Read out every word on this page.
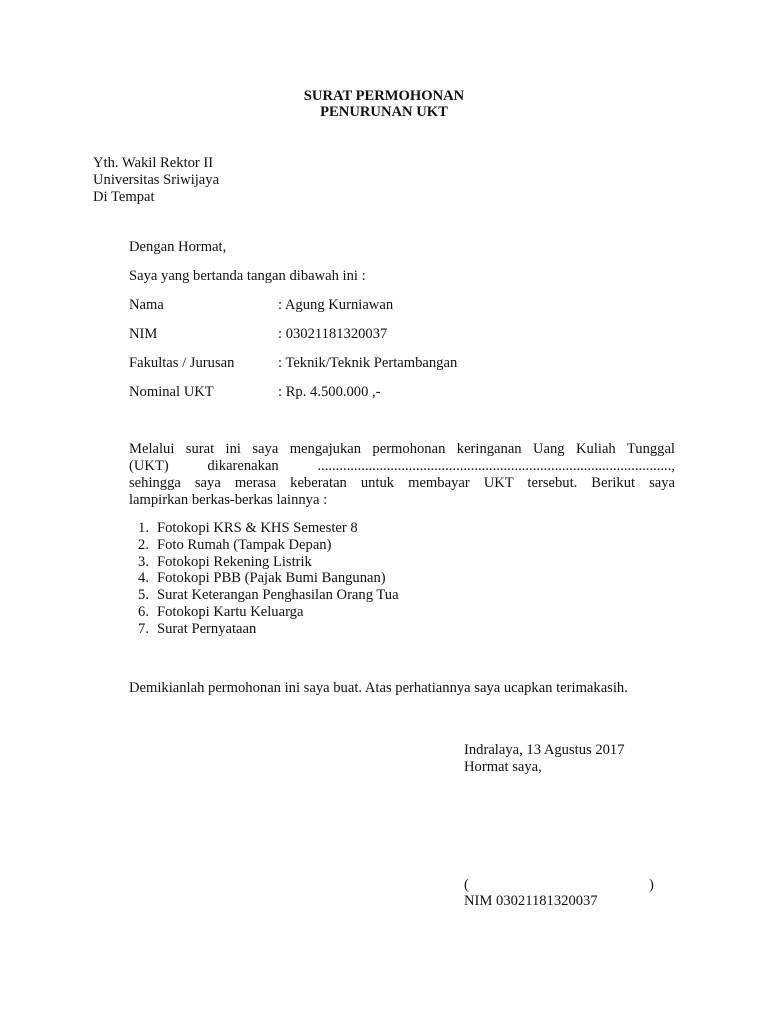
SURAT PERMOHONAN
PENURUNAN UKT
Yth. Wakil Rektor II
Universitas Sriwijaya
Di Tempat
Dengan Hormat,
Saya yang bertanda tangan dibawah ini :
Nama	: Agung Kurniawan
NIM	: 03021181320037
Fakultas / Jurusan	: Teknik/Teknik Pertambangan
Nominal UKT	: Rp. 4.500.000 ,-
Melalui surat ini saya mengajukan permohonan keringanan Uang Kuliah Tunggal
(UKT) dikarenakan .................................................................................................,
sehingga saya merasa keberatan untuk membayar UKT tersebut. Berikut saya
lampirkan berkas-berkas lainnya :
1. Fotokopi KRS & KHS Semester 8
2. Foto Rumah (Tampak Depan)
3. Fotokopi Rekening Listrik
4. Fotokopi PBB (Pajak Bumi Bangunan)
5. Surat Keterangan Penghasilan Orang Tua
6. Fotokopi Kartu Keluarga
7. Surat Pernyataan
Demikianlah permohonan ini saya buat. Atas perhatiannya saya ucapkan terimakasih.
Indralaya, 13 Agustus 2017
Hormat saya,
(	)
NIM 03021181320037
